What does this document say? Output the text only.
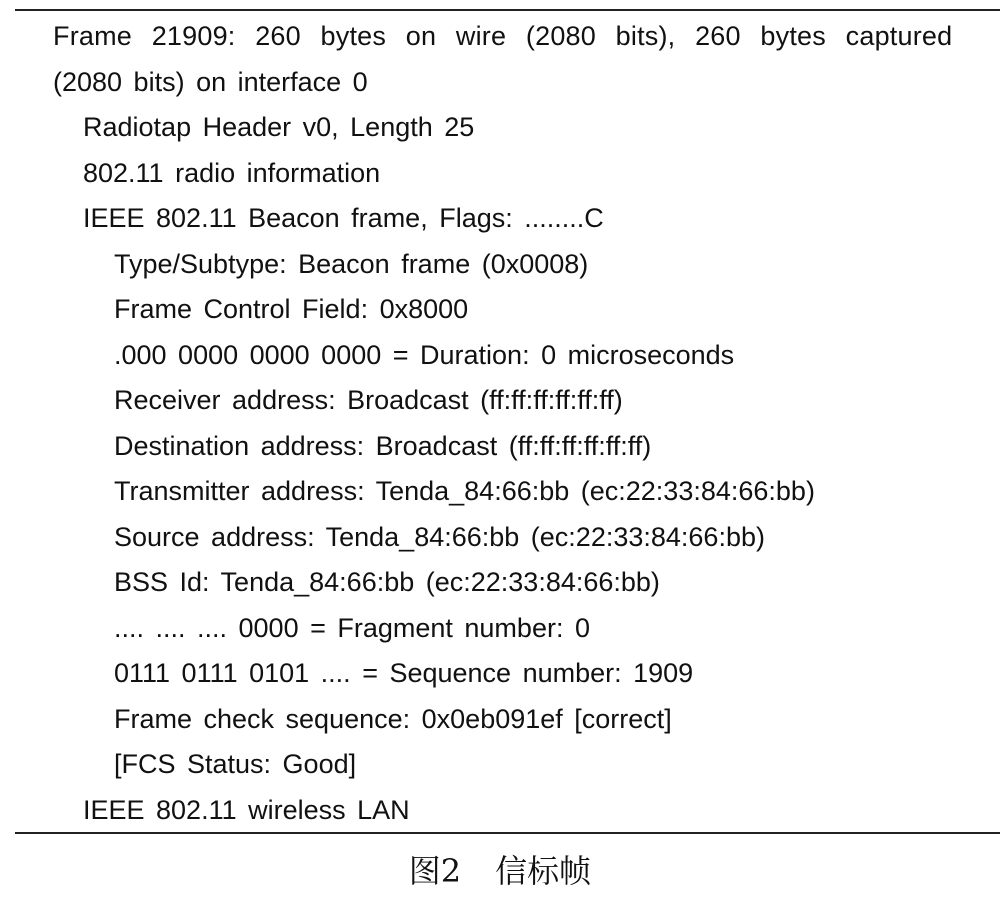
Frame 21909: 260 bytes on wire (2080 bits), 260 bytes captured
(2080 bits) on interface 0
Radiotap Header v0, Length 25
802.11 radio information
IEEE 802.11 Beacon frame, Flags: ........C
Type/Subtype: Beacon frame (0x0008)
Frame Control Field: 0x8000
.000 0000 0000 0000 = Duration: 0 microseconds
Receiver address: Broadcast (ff:ff:ff:ff:ff:ff)
Destination address: Broadcast (ff:ff:ff:ff:ff:ff)
Transmitter address: Tenda_84:66:bb (ec:22:33:84:66:bb)
Source address: Tenda_84:66:bb (ec:22:33:84:66:bb)
BSS Id: Tenda_84:66:bb (ec:22:33:84:66:bb)
.... .... .... 0000 = Fragment number: 0
0111 0111 0101 .... = Sequence number: 1909
Frame check sequence: 0x0eb091ef [correct]
[FCS Status: Good]
IEEE 802.11 wireless LAN
图2 信标帧
